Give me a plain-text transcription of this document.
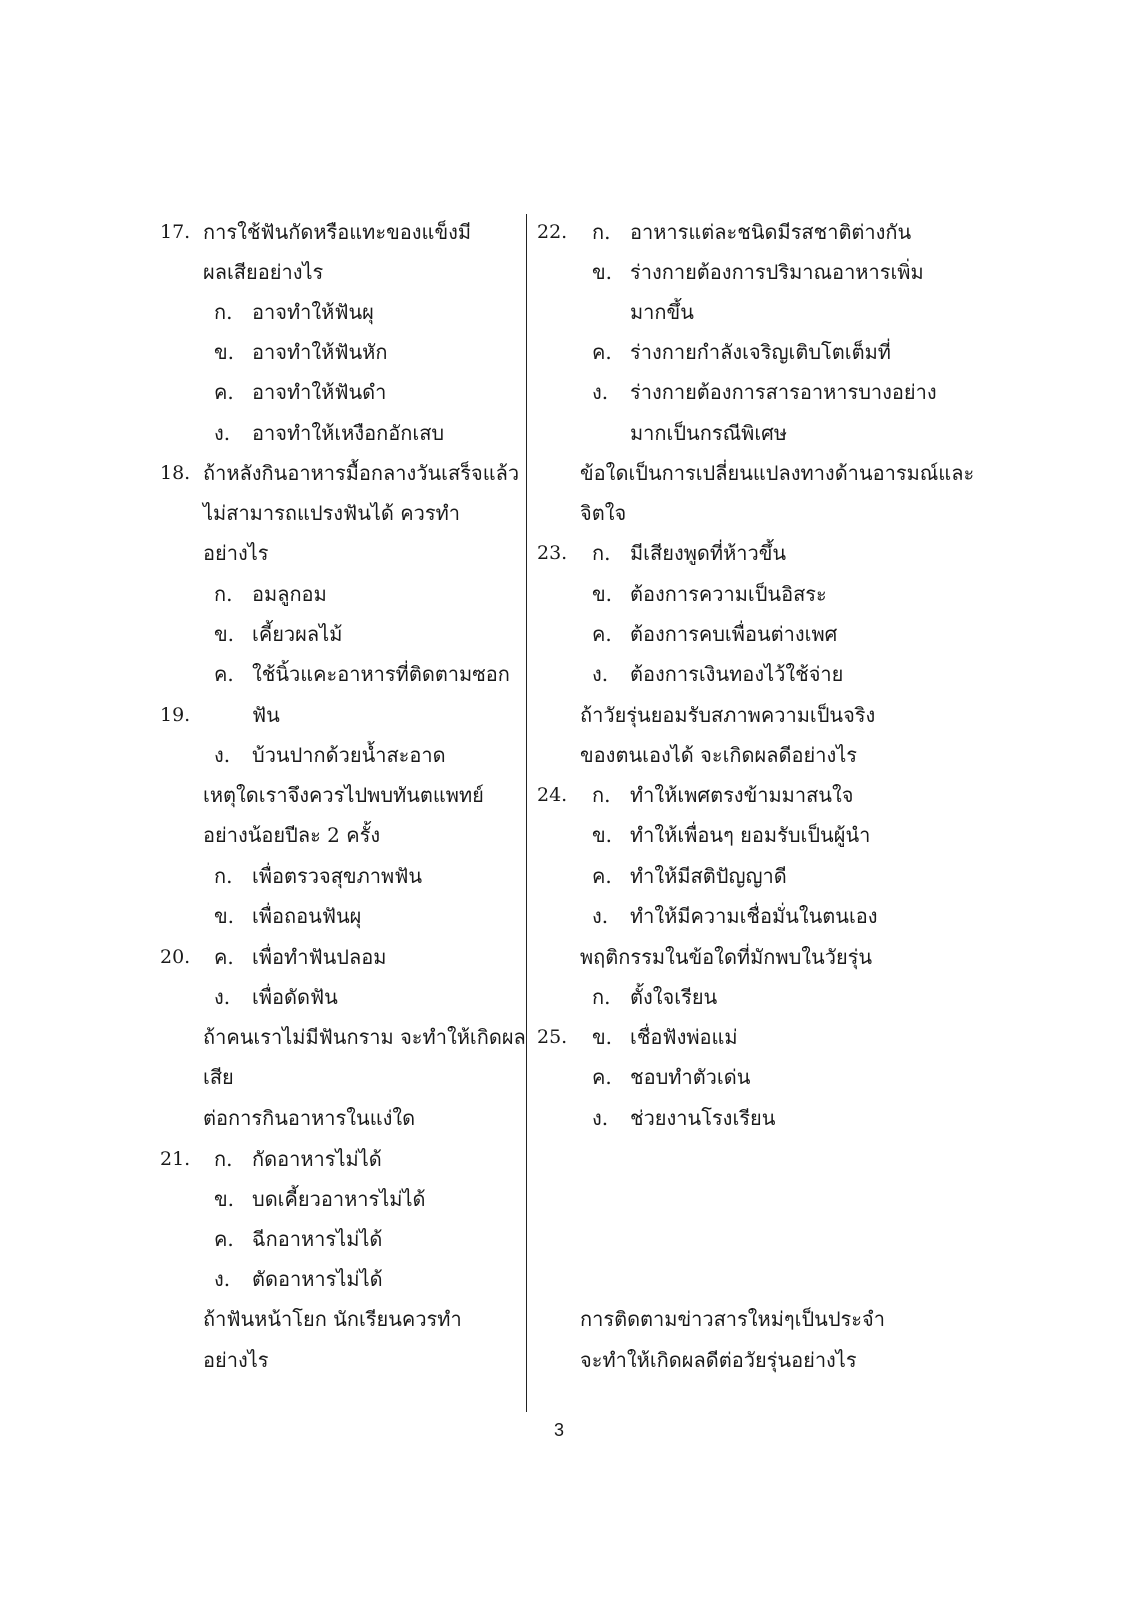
17.
18.
19.
20.
21.
การใช้ฟันกัดหรือแทะของแข็งมี
ผลเสียอย่างไร
ก. อาจทำให้ฟันผุ
ข. อาจทำให้ฟันหัก
ค. อาจทำให้ฟันดำ
ง. อาจทำให้เหงือกอักเสบ
ถ้าหลังกินอาหารมื้อกลางวันเสร็จแล้ว
ไม่สามารถแปรงฟันได้ ควรทำ
อย่างไร
ก. อมลูกอม
ข. เคี้ยวผลไม้
ค. ใช้นิ้วแคะอาหารที่ติดตามซอก
ฟัน
ง. บ้วนปากด้วยน้ำสะอาด
เหตุใดเราจึงควรไปพบทันตแพทย์
อย่างน้อยปีละ 2 ครั้ง
ก. เพื่อตรวจสุขภาพฟัน
ข. เพื่อถอนฟันผุ
ค. เพื่อทำฟันปลอม
ง. เพื่อดัดฟัน
ถ้าคนเราไม่มีฟันกราม จะทำให้เกิดผล
เสีย
ต่อการกินอาหารในแง่ใด
ก. กัดอาหารไม่ได้
ข. บดเคี้ยวอาหารไม่ได้
ค. ฉีกอาหารไม่ได้
ง. ตัดอาหารไม่ได้
ถ้าฟันหน้าโยก นักเรียนควรทำ
อย่างไร
22.
23.
24.
25.
ก. อาหารแต่ละชนิดมีรสชาติต่างกัน
ข. ร่างกายต้องการปริมาณอาหารเพิ่ม
มากขึ้น
ค. ร่างกายกำลังเจริญเติบโตเต็มที่
ง. ร่างกายต้องการสารอาหารบางอย่าง
มากเป็นกรณีพิเศษ
ข้อใดเป็นการเปลี่ยนแปลงทางด้านอารมณ์และ
จิตใจ
ก. มีเสียงพูดที่ห้าวขึ้น
ข. ต้องการความเป็นอิสระ
ค. ต้องการคบเพื่อนต่างเพศ
ง. ต้องการเงินทองไว้ใช้จ่าย
ถ้าวัยรุ่นยอมรับสภาพความเป็นจริง
ของตนเองได้ จะเกิดผลดีอย่างไร
ก. ทำให้เพศตรงข้ามมาสนใจ
ข. ทำให้เพื่อนๆ ยอมรับเป็นผู้นำ
ค. ทำให้มีสติปัญญาดี
ง. ทำให้มีความเชื่อมั่นในตนเอง
พฤติกรรมในข้อใดที่มักพบในวัยรุ่น
ก. ตั้งใจเรียน
ข. เชื่อฟังพ่อแม่
ค. ชอบทำตัวเด่น
ง. ช่วยงานโรงเรียน
การติดตามข่าวสารใหม่ๆเป็นประจำ
จะทำให้เกิดผลดีต่อวัยรุ่นอย่างไร
3
